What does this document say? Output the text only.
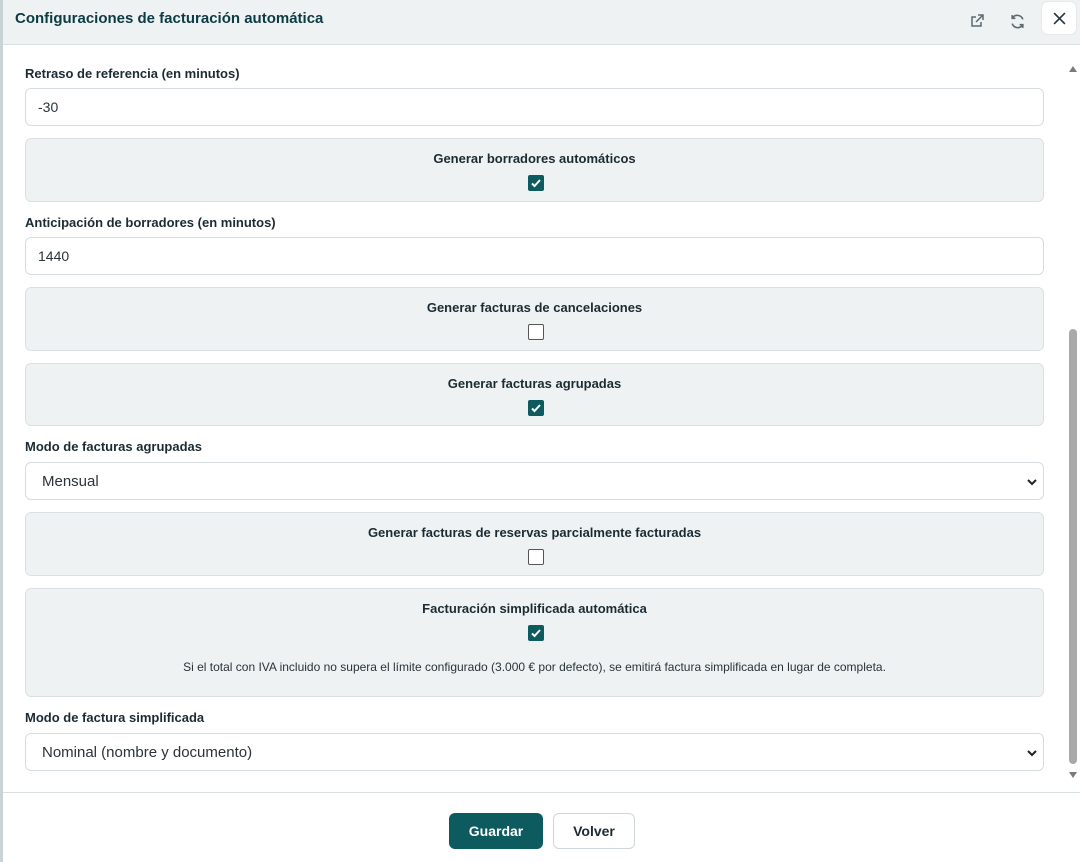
Configuraciones de facturación automática
Retraso de referencia (en minutos)
-30
Generar borradores automáticos
Anticipación de borradores (en minutos)
1440
Generar facturas de cancelaciones
Generar facturas agrupadas
Modo de facturas agrupadas
Mensual
Generar facturas de reservas parcialmente facturadas
Facturación simplificada automática
Si el total con IVA incluido no supera el límite configurado (3.000 € por defecto), se emitirá factura simplificada en lugar de completa.
Modo de factura simplificada
Nominal (nombre y documento)
Guardar	Volver
